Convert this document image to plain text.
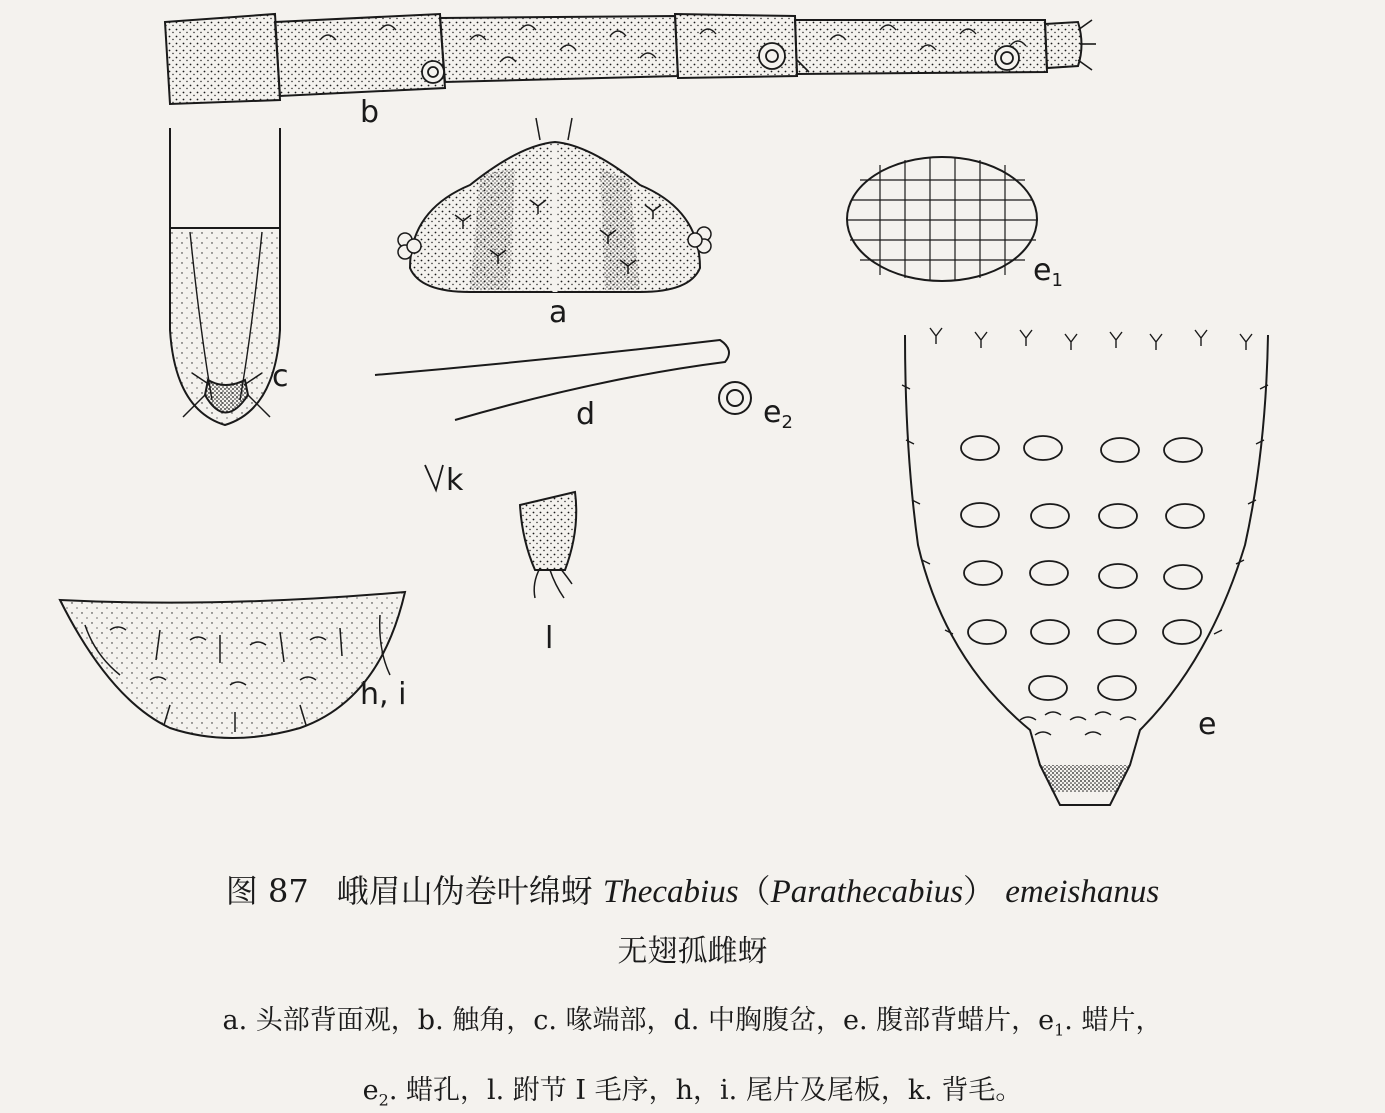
b
c
a
$e_1$
d	$e_2$
k
l
h, i
e
图 87 峨眉山伪卷叶绵蚜 Thecabius（Parathecabius） emeishanus
无翅孤雌蚜
a. 头部背面观，b. 触角，c. 喙端部，d. 中胸腹岔，e. 腹部背蜡片，$e_1$. 蜡片，
$e_2$. 蜡孔，l. 跗节 Ⅰ 毛序，h，i. 尾片及尾板，k. 背毛。
